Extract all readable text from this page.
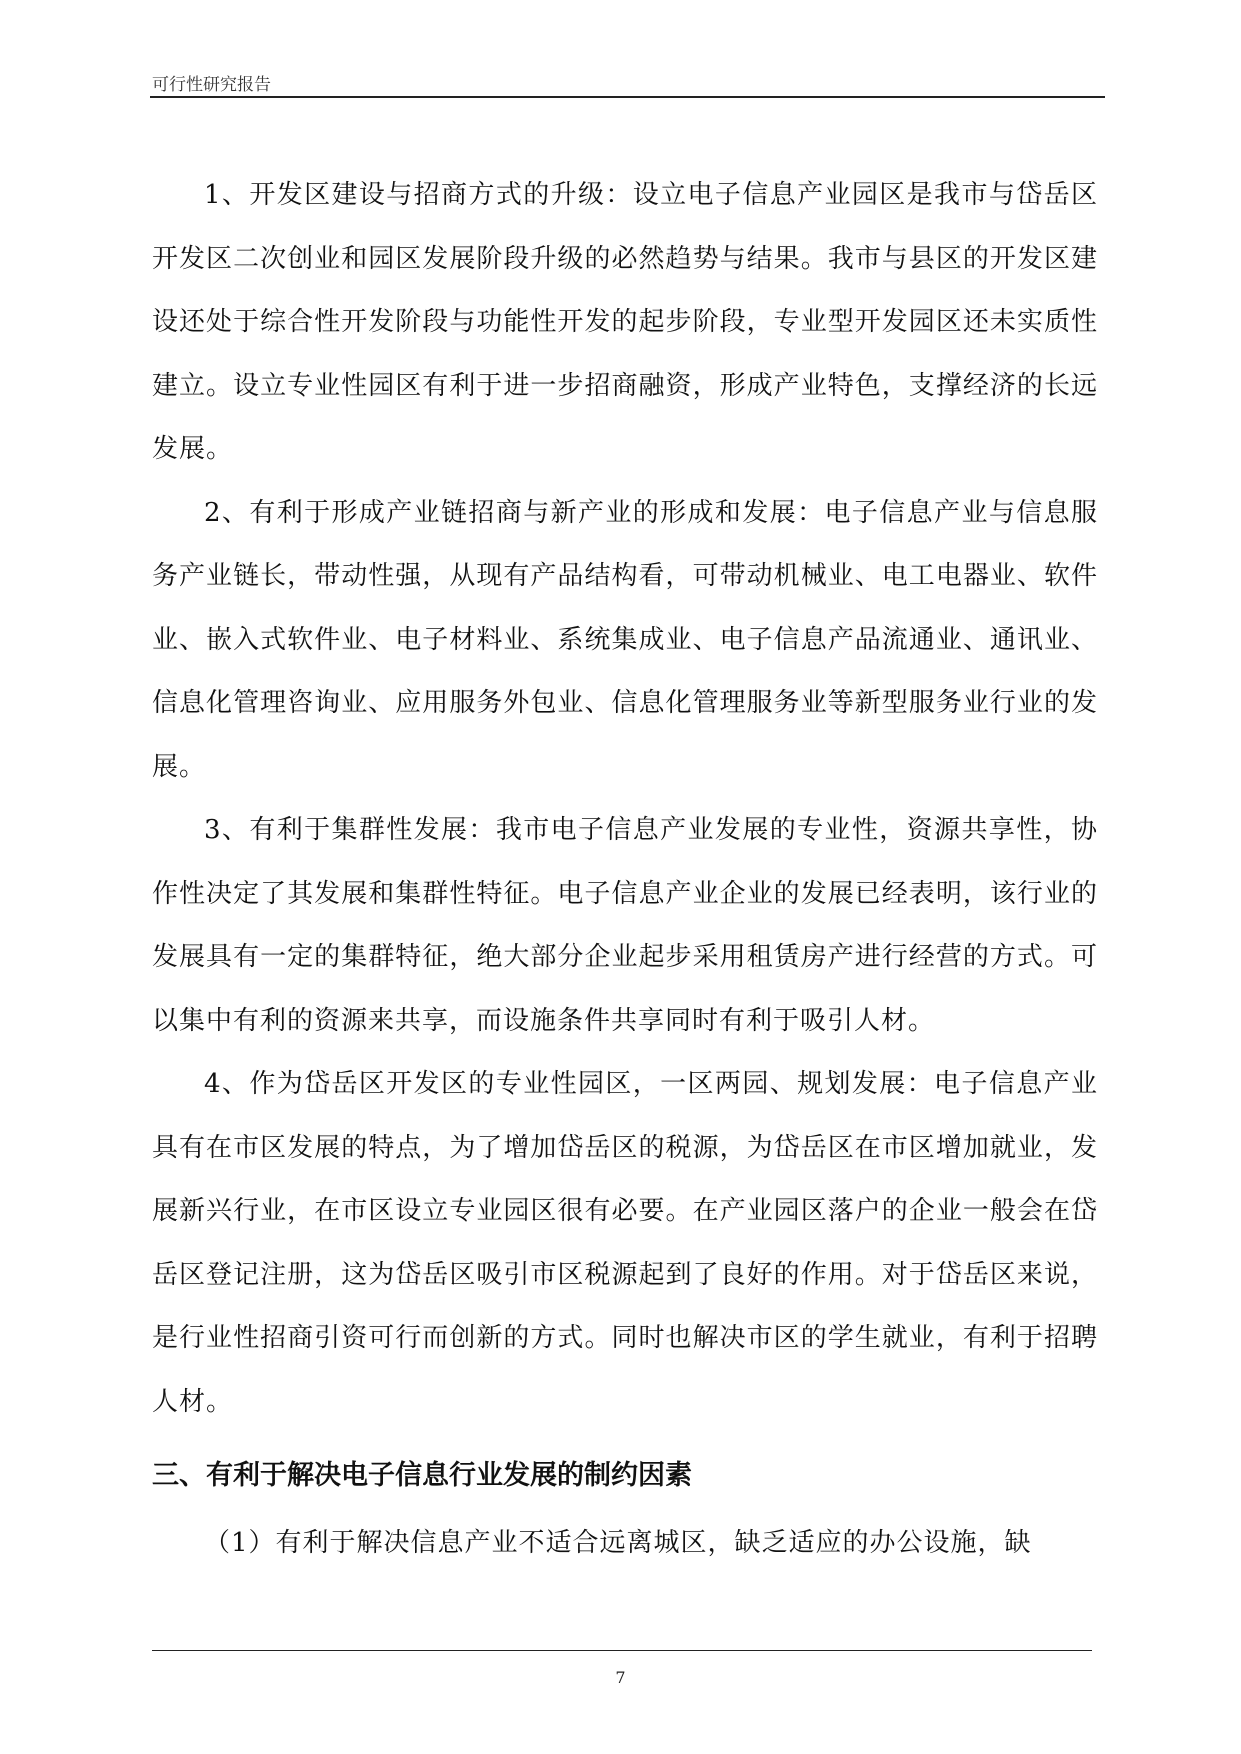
可行性研究报告

1、开发区建设与招商方式的升级：设立电子信息产业园区是我市与岱岳区开发区二次创业和园区发展阶段升级的必然趋势与结果。我市与县区的开发区建设还处于综合性开发阶段与功能性开发的起步阶段，专业型开发园区还未实质性建立。设立专业性园区有利于进一步招商融资，形成产业特色，支撑经济的长远发展。

2、有利于形成产业链招商与新产业的形成和发展：电子信息产业与信息服务产业链长，带动性强，从现有产品结构看，可带动机械业、电工电器业、软件业、嵌入式软件业、电子材料业、系统集成业、电子信息产品流通业、通讯业、信息化管理咨询业、应用服务外包业、信息化管理服务业等新型服务业行业的发展。

3、有利于集群性发展：我市电子信息产业发展的专业性，资源共享性，协作性决定了其发展和集群性特征。电子信息产业企业的发展已经表明，该行业的发展具有一定的集群特征，绝大部分企业起步采用租赁房产进行经营的方式。可以集中有利的资源来共享，而设施条件共享同时有利于吸引人材。

4、作为岱岳区开发区的专业性园区，一区两园、规划发展：电子信息产业具有在市区发展的特点，为了增加岱岳区的税源，为岱岳区在市区增加就业，发展新兴行业，在市区设立专业园区很有必要。在产业园区落户的企业一般会在岱岳区登记注册，这为岱岳区吸引市区税源起到了良好的作用。对于岱岳区来说，是行业性招商引资可行而创新的方式。同时也解决市区的学生就业，有利于招聘人材。

三、有利于解决电子信息行业发展的制约因素

（1）有利于解决信息产业不适合远离城区，缺乏适应的办公设施，缺

7
